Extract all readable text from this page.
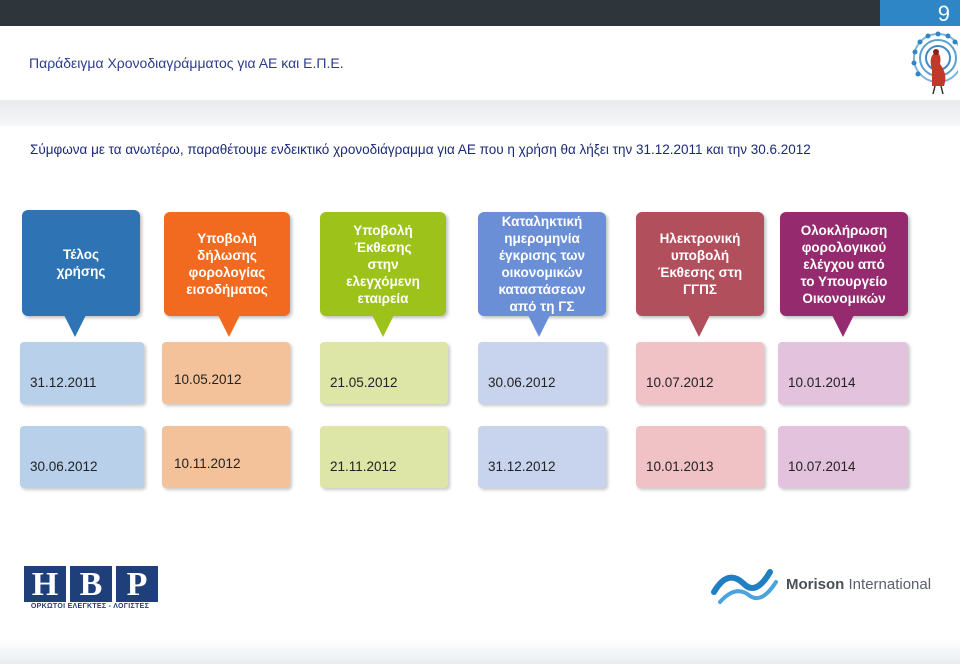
9
Παράδειγμα Χρονοδιαγράμματος για ΑΕ και Ε.Π.Ε.
Σύμφωνα με τα ανωτέρω, παραθέτουμε ενδεικτικό χρονοδιάγραμμα για ΑΕ που η χρήση θα λήξει την 31.12.2011 και την 30.6.2012
Τέλος
χρήσης
Υποβολή
δήλωσης
φορολογίας
εισοδήματος
Υποβολή
Έκθεσης
στην
ελεγχόμενη
εταιρεία
Καταληκτική
ημερομηνία
έγκρισης των
οικονομικών
καταστάσεων
από τη ΓΣ
Ηλεκτρονική
υποβολή
Έκθεσης στη
ΓΓΠΣ
Ολοκλήρωση
φορολογικού
ελέγχου από
το Υπουργείο
Οικονομικών
31.12.2011	10.05.2012	21.05.2012	30.06.2012	10.07.2012	10.01.2014
30.06.2012	10.11.2012	21.11.2012	31.12.2012	10.01.2013	10.07.2014
H B P
ΟΡΚΩΤΟΙ ΕΛΕΓΚΤΕΣ - ΛΟΓΙΣΤΕΣ
Morison International
